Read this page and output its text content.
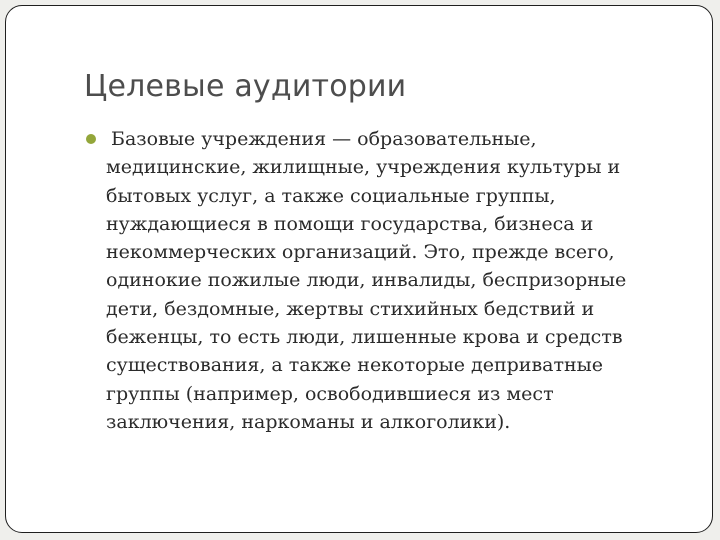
Целевые аудитории

Базовые учреждения — образовательные,
медицинские, жилищные, учреждения культуры и
бытовых услуг, а также социальные группы,
нуждающиеся в помощи государства, бизнеса и
некоммерческих организаций. Это, прежде всего,
одинокие пожилые люди, инвалиды, беспризорные
дети, бездомные, жертвы стихийных бедствий и
беженцы, то есть люди, лишенные крова и средств
существования, а также некоторые деприватные
группы (например, освободившиеся из мест
заключения, наркоманы и алкоголики).
